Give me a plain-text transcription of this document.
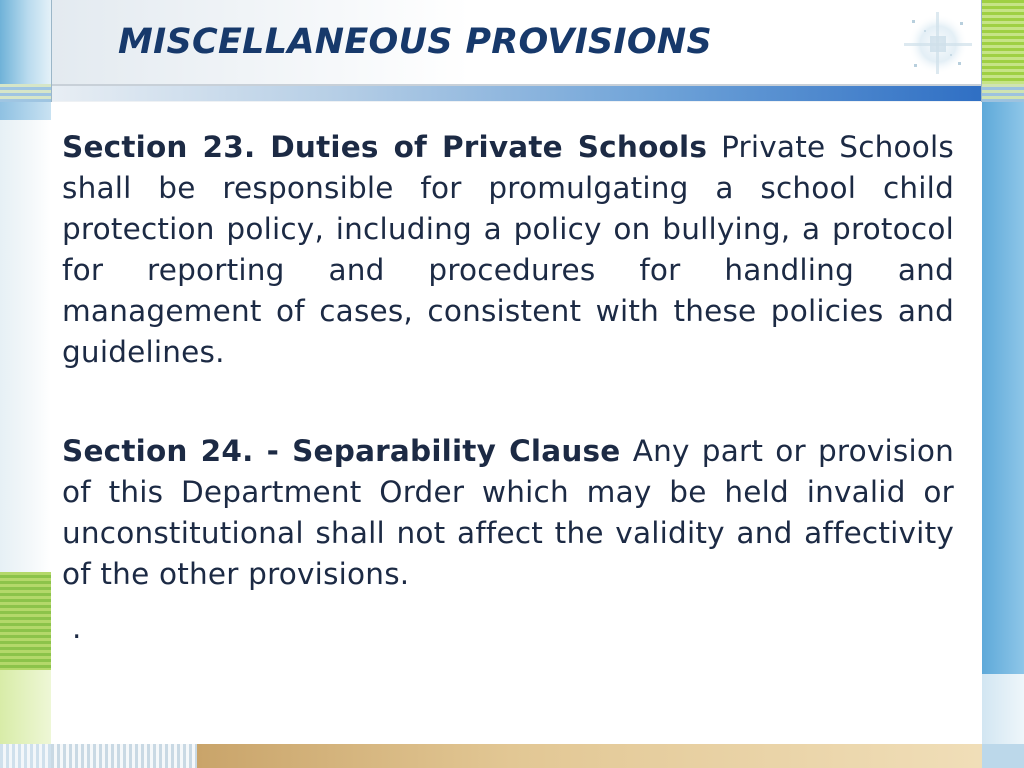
MISCELLANEOUS PROVISIONS
Section 23. Duties of Private Schools Private Schools shall be responsible for promulgating a school child protection policy, including a policy on bullying, a protocol for reporting and procedures for handling and management of cases, consistent with these policies and guidelines.
Section 24. - Separability Clause Any part or provision of this Department Order which may be held invalid or unconstitutional shall not affect the validity and affectivity of the other provisions.
.
